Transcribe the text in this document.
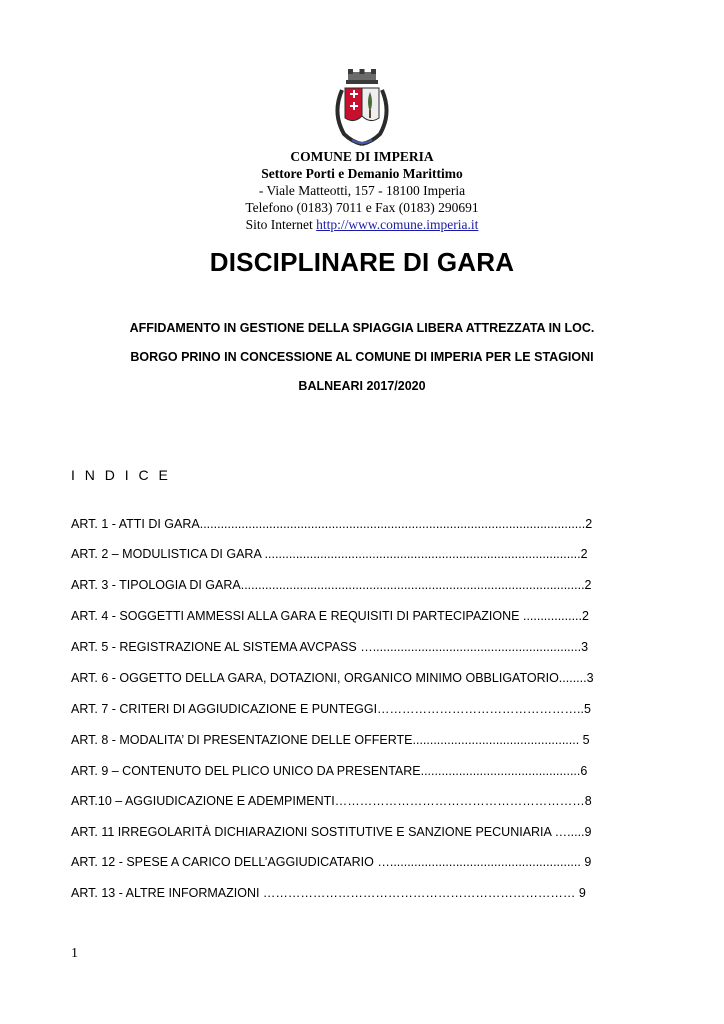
COMUNE DI IMPERIA
Settore Porti e Demanio Marittimo
- Viale Matteotti, 157 - 18100 Imperia
Telefono (0183) 7011 e Fax (0183) 290691
Sito Internet http://www.comune.imperia.it
DISCIPLINARE DI GARA
AFFIDAMENTO IN GESTIONE DELLA SPIAGGIA LIBERA ATTREZZATA IN LOC.
BORGO PRINO IN CONCESSIONE AL COMUNE DI IMPERIA PER LE STAGIONI
BALNEARI 2017/2020
I N D I C E
ART. 1 - ATTI DI GARA...............................................................................................................2
ART. 2 – MODULISTICA DI GARA ...........................................................................................2
ART. 3 - TIPOLOGIA DI GARA...................................................................................................2
ART. 4 - SOGGETTI AMMESSI ALLA GARA E REQUISITI DI PARTECIPAZIONE .................2
ART. 5 - REGISTRAZIONE AL SISTEMA AVCPASS …............................................................3
ART. 6 - OGGETTO DELLA GARA, DOTAZIONI, ORGANICO MINIMO OBBLIGATORIO........3
ART. 7 - CRITERI DI AGGIUDICAZIONE E PUNTEGGI…………………………………………..5
ART. 8 - MODALITA’ DI PRESENTAZIONE DELLE OFFERTE................................................ 5
ART. 9 – CONTENUTO DEL PLICO UNICO DA PRESENTARE..............................................6
ART.10 – AGGIUDICAZIONE E ADEMPIMENTI……………………………………………………8
ART. 11 IRREGOLARITÀ DICHIARAZIONI SOSTITUTIVE E SANZIONE PECUNIARIA ….....9
ART. 12 - SPESE A CARICO DELL’AGGIUDICATARIO …....................................................... 9
ART. 13 - ALTRE INFORMAZIONI ………………………………………………………………… 9
1
